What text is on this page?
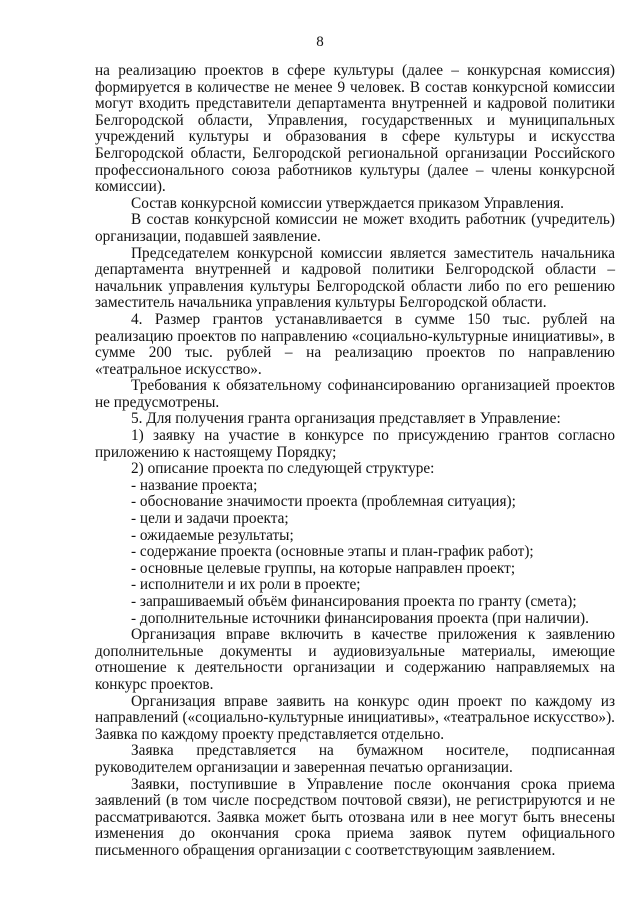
8

на реализацию проектов в сфере культуры (далее – конкурсная комиссия) формируется в количестве не менее 9 человек. В состав конкурсной комиссии могут входить представители департамента внутренней и кадровой политики Белгородской области, Управления, государственных и муниципальных учреждений культуры и образования в сфере культуры и искусства Белгородской области, Белгородской региональной организации Российского профессионального союза работников культуры (далее – члены конкурсной комиссии).

Состав конкурсной комиссии утверждается приказом Управления.

В состав конкурсной комиссии не может входить работник (учредитель) организации, подавшей заявление.

Председателем конкурсной комиссии является заместитель начальника департамента внутренней и кадровой политики Белгородской области – начальник управления культуры Белгородской области либо по его решению заместитель начальника управления культуры Белгородской области.

4. Размер грантов устанавливается в сумме 150 тыс. рублей на реализацию проектов по направлению «социально-культурные инициативы», в сумме 200 тыс. рублей – на реализацию проектов по направлению «театральное искусство».

Требования к обязательному софинансированию организацией проектов не предусмотрены.

5. Для получения гранта организация представляет в Управление:

1) заявку на участие в конкурсе по присуждению грантов согласно приложению к настоящему Порядку;

2) описание проекта по следующей структуре:

- название проекта;

- обоснование значимости проекта (проблемная ситуация);

- цели и задачи проекта;

- ожидаемые результаты;

- содержание проекта (основные этапы и план-график работ);

- основные целевые группы, на которые направлен проект;

- исполнители и их роли в проекте;

- запрашиваемый объём финансирования проекта по гранту (смета);

- дополнительные источники финансирования проекта (при наличии).

Организация вправе включить в качестве приложения к заявлению дополнительные документы и аудиовизуальные материалы, имеющие отношение к деятельности организации и содержанию направляемых на конкурс проектов.

Организация вправе заявить на конкурс один проект по каждому из направлений («социально-культурные инициативы», «театральное искусство»). Заявка по каждому проекту представляется отдельно.

Заявка представляется на бумажном носителе, подписанная руководителем организации и заверенная печатью организации.

Заявки, поступившие в Управление после окончания срока приема заявлений (в том числе посредством почтовой связи), не регистрируются и не рассматриваются. Заявка может быть отозвана или в нее могут быть внесены изменения до окончания срока приема заявок путем официального письменного обращения организации с соответствующим заявлением.
